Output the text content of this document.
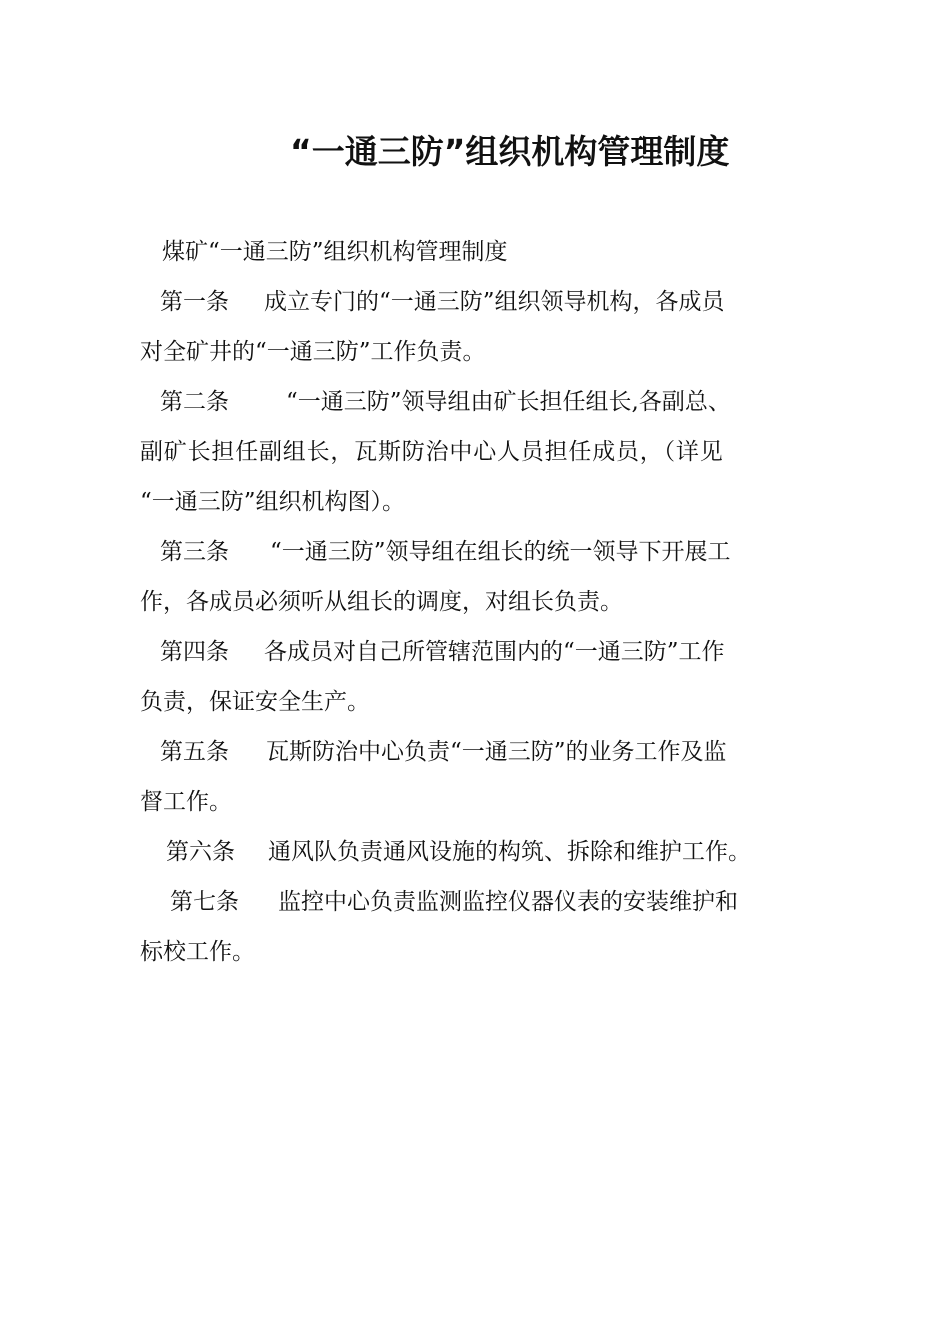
“一通三防”组织机构管理制度
煤矿“一通三防”组织机构管理制度
第一条 成立专门的“一通三防”组织领导机构，各成员
对全矿井的“一通三防”工作负责。
第二条 “一通三防”领导组由矿长担任组长,各副总、
副矿长担任副组长，瓦斯防治中心人员担任成员，（详见
“一通三防”组织机构图）。
第三条 “一通三防”领导组在组长的统一领导下开展工
作，各成员必须听从组长的调度，对组长负责。
第四条 各成员对自己所管辖范围内的“一通三防”工作
负责，保证安全生产。
第五条 瓦斯防治中心负责“一通三防”的业务工作及监
督工作。
第六条 通风队负责通风设施的构筑、拆除和维护工作。
第七条 监控中心负责监测监控仪器仪表的安装维护和
标校工作。
